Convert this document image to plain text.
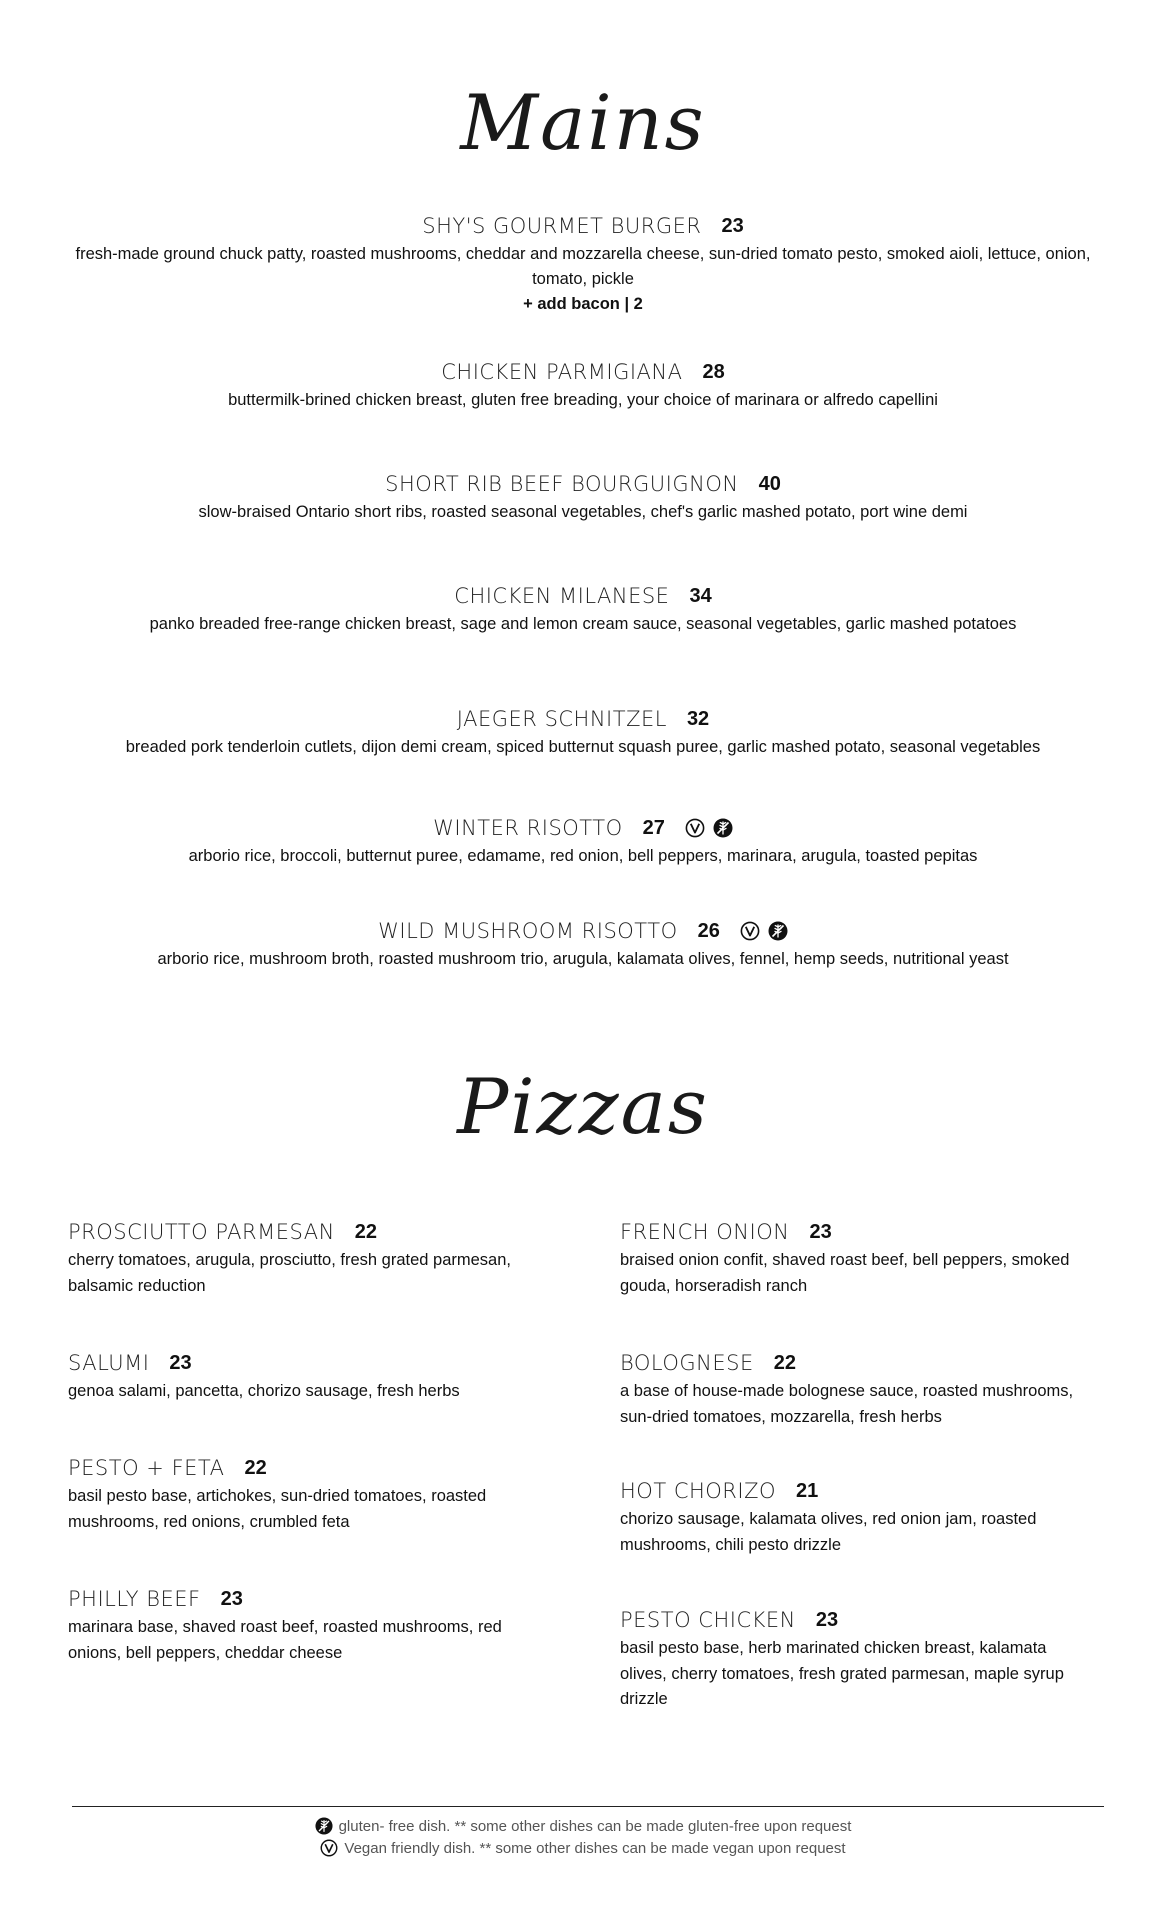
Mains
SHY'S GOURMET BURGER 23
fresh-made ground chuck patty, roasted mushrooms, cheddar and mozzarella cheese, sun-dried tomato pesto, smoked aioli, lettuce, onion, tomato, pickle
+ add bacon | 2
CHICKEN PARMIGIANA 28
buttermilk-brined chicken breast, gluten free breading, your choice of marinara or alfredo capellini
SHORT RIB BEEF BOURGUIGNON 40
slow-braised Ontario short ribs, roasted seasonal vegetables, chef's garlic mashed potato, port wine demi
CHICKEN MILANESE 34
panko breaded free-range chicken breast, sage and lemon cream sauce, seasonal vegetables, garlic mashed potatoes
JAEGER SCHNITZEL 32
breaded pork tenderloin cutlets, dijon demi cream, spiced butternut squash puree, garlic mashed potato, seasonal vegetables
WINTER RISOTTO 27
arborio rice, broccoli, butternut puree, edamame, red onion, bell peppers, marinara, arugula, toasted pepitas
WILD MUSHROOM RISOTTO 26
arborio rice, mushroom broth, roasted mushroom trio, arugula, kalamata olives, fennel, hemp seeds, nutritional yeast
Pizzas
PROSCIUTTO PARMESAN 22
cherry tomatoes, arugula, prosciutto, fresh grated parmesan, balsamic reduction
SALUMI 23
genoa salami, pancetta, chorizo sausage, fresh herbs
PESTO + FETA 22
basil pesto base, artichokes, sun-dried tomatoes, roasted mushrooms, red onions, crumbled feta
PHILLY BEEF 23
marinara base, shaved roast beef, roasted mushrooms, red onions, bell peppers, cheddar cheese
FRENCH ONION 23
braised onion confit, shaved roast beef, bell peppers, smoked gouda, horseradish ranch
BOLOGNESE 22
a base of house-made bolognese sauce, roasted mushrooms, sun-dried tomatoes, mozzarella, fresh herbs
HOT CHORIZO 21
chorizo sausage, kalamata olives, red onion jam, roasted mushrooms, chili pesto drizzle
PESTO CHICKEN 23
basil pesto base, herb marinated chicken breast, kalamata olives, cherry tomatoes, fresh grated parmesan, maple syrup drizzle
gluten- free dish. ** some other dishes can be made gluten-free upon request
Vegan friendly dish. ** some other dishes can be made vegan upon request
